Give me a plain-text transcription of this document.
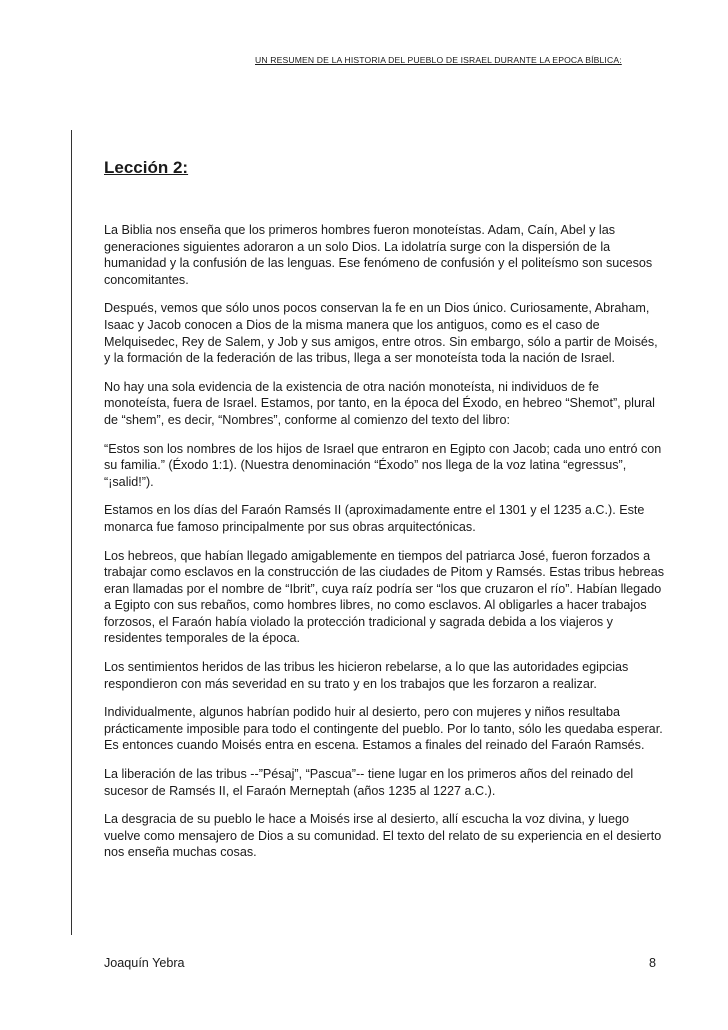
UN RESUMEN DE LA HISTORIA DEL PUEBLO DE ISRAEL DURANTE LA EPOCA BÍBLICA:
Lección 2:

La Biblia nos enseña que los primeros hombres fueron monoteístas. Adam, Caín, Abel y las generaciones siguientes adoraron a un solo Dios. La idolatría surge con la dispersión de la humanidad y la confusión de las lenguas. Ese fenómeno de confusión y el politeísmo son sucesos concomitantes.

Después, vemos que sólo unos pocos conservan la fe en un Dios único. Curiosamente, Abraham, Isaac y Jacob conocen a Dios de la misma manera que los antiguos, como es el caso de Melquisedec, Rey de Salem, y Job y sus amigos, entre otros. Sin embargo, sólo a partir de Moisés, y la formación de la federación de las tribus, llega a ser monoteísta toda la nación de Israel.

No hay una sola evidencia de la existencia de otra nación monoteísta, ni individuos de fe monoteísta, fuera de Israel. Estamos, por tanto, en la época del Éxodo, en hebreo “Shemot”, plural de “shem”, es decir, “Nombres”, conforme al comienzo del texto del libro:

“Estos son los nombres de los hijos de Israel que entraron en Egipto con Jacob; cada uno entró con su familia.” (Éxodo 1:1). (Nuestra denominación “Éxodo” nos llega de la voz latina “egressus”, “¡salid!”).

Estamos en los días del Faraón Ramsés II (aproximadamente entre el 1301 y el 1235 a.C.). Este monarca fue famoso principalmente por sus obras arquitectónicas.

Los hebreos, que habían llegado amigablemente en tiempos del patriarca José, fueron forzados a trabajar como esclavos en la construcción de las ciudades de Pitom y Ramsés. Estas tribus hebreas eran llamadas por el nombre de “Ibrit”, cuya raíz podría ser “los que cruzaron el río”. Habían llegado a Egipto con sus rebaños, como hombres libres, no como esclavos. Al obligarles a hacer trabajos forzosos, el Faraón había violado la protección tradicional y sagrada debida a los viajeros y residentes temporales de la época.

Los sentimientos heridos de las tribus les hicieron rebelarse, a lo que las autoridades egipcias respondieron con más severidad en su trato y en los trabajos que les forzaron a realizar.

Individualmente, algunos habrían podido huir al desierto, pero con mujeres y niños resultaba prácticamente imposible para todo el contingente del pueblo. Por lo tanto, sólo les quedaba esperar. Es entonces cuando Moisés entra en escena. Estamos a finales del reinado del Faraón Ramsés.

La liberación de las tribus --”Pésaj”, “Pascua”-- tiene lugar en los primeros años del reinado del sucesor de Ramsés II, el Faraón Merneptah (años 1235 al 1227 a.C.).

La desgracia de su pueblo le hace a Moisés irse al desierto, allí escucha la voz divina, y luego vuelve como mensajero de Dios a su comunidad. El texto del relato de su experiencia en el desierto nos enseña muchas cosas.

Joaquín Yebra	8
